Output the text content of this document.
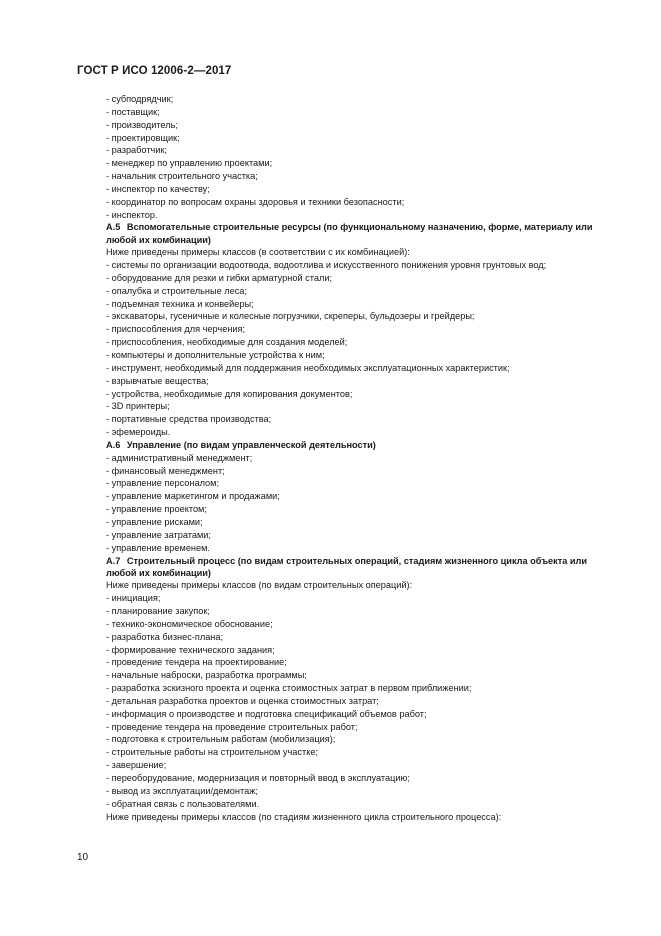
ГОСТ Р ИСО 12006-2—2017
- субподрядчик;
- поставщик;
- производитель;
- проектировщик;
- разработчик;
- менеджер по управлению проектами;
- начальник строительного участка;
- инспектор по качеству;
- координатор по вопросам охраны здоровья и техники безопасности;
- инспектор.
А.5 Вспомогательные строительные ресурсы (по функциональному назначению, форме, материалу или любой их комбинации)
Ниже приведены примеры классов (в соответствии с их комбинацией):
- системы по организации водоотвода, водоотлива и искусственного понижения уровня грунтовых вод;
- оборудование для резки и гибки арматурной стали;
- опалубка и строительные леса;
- подъемная техника и конвейеры;
- экскаваторы, гусеничные и колесные погрузчики, скреперы, бульдозеры и грейдеры;
- приспособления для черчения;
- приспособления, необходимые для создания моделей;
- компьютеры и дополнительные устройства к ним;
- инструмент, необходимый для поддержания необходимых эксплуатационных характеристик;
- взрывчатые вещества;
- устройства, необходимые для копирования документов;
- 3D принтеры;
- портативные средства производства;
- эфемероиды.
А.6 Управление (по видам управленческой деятельности)
- административный менеджмент;
- финансовый менеджмент;
- управление персоналом;
- управление маркетингом и продажами;
- управление проектом;
- управление рисками;
- управление затратами;
- управление временем.
А.7 Строительный процесс (по видам строительных операций, стадиям жизненного цикла объекта или любой их комбинации)
Ниже приведены примеры классов (по видам строительных операций):
- инициация;
- планирование закупок;
- технико-экономическое обоснование;
- разработка бизнес-плана;
- формирование технического задания;
- проведение тендера на проектирование;
- начальные наброски, разработка программы;
- разработка эскизного проекта и оценка стоимостных затрат в первом приближении;
- детальная разработка проектов и оценка стоимостных затрат;
- информация о производстве и подготовка спецификаций объемов работ;
- проведение тендера на проведение строительных работ;
- подготовка к строительным работам (мобилизация);
- строительные работы на строительном участке;
- завершение;
- переоборудование, модернизация и повторный ввод в эксплуатацию;
- вывод из эксплуатации/демонтаж;
- обратная связь с пользователями.
Ниже приведены примеры классов (по стадиям жизненного цикла строительного процесса):
10
